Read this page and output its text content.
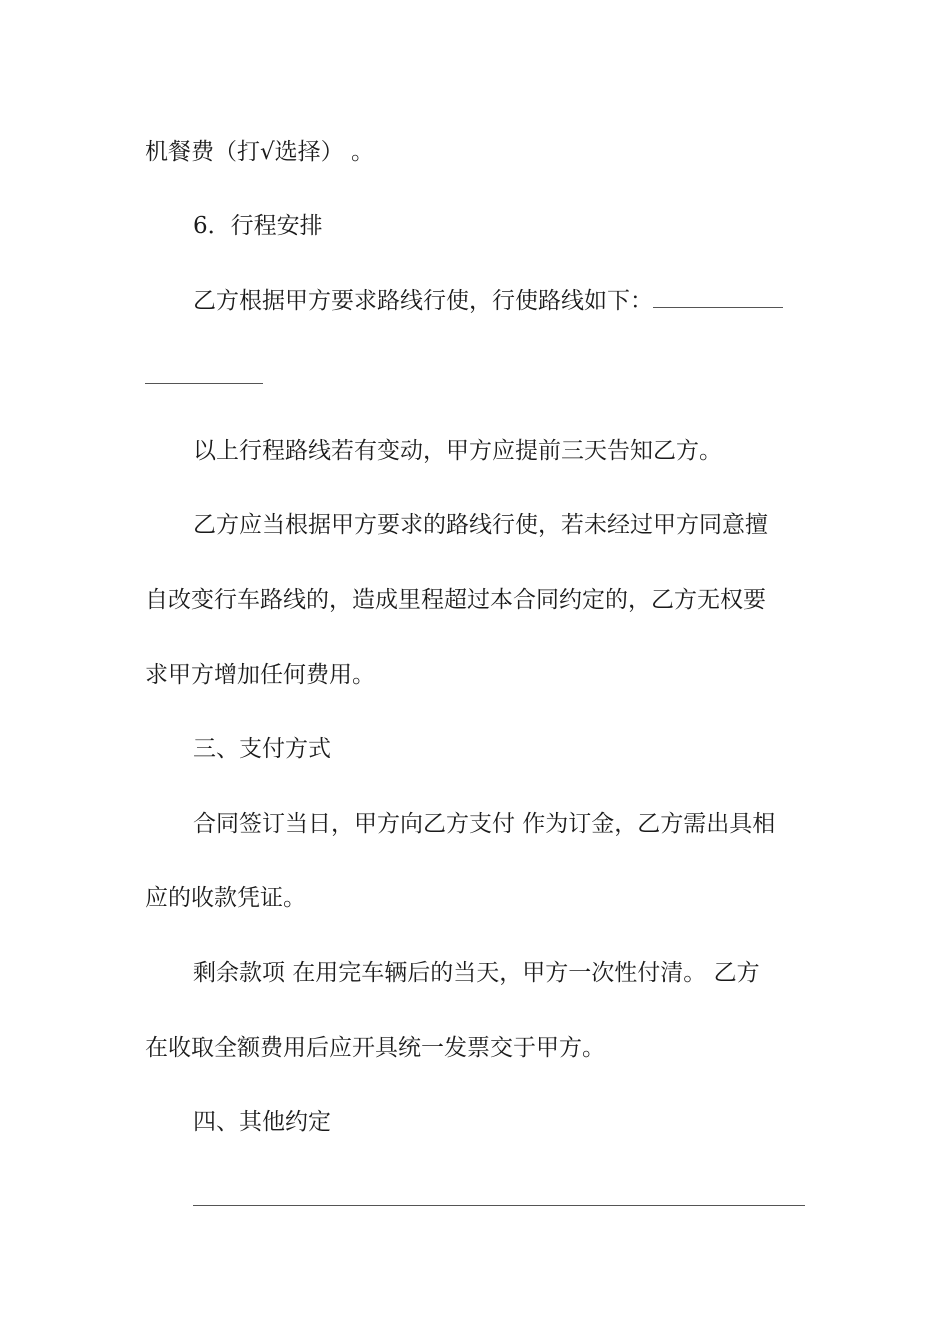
机餐费（打√选择） 。
6．行程安排
乙方根据甲方要求路线行使，行使路线如下：
以上行程路线若有变动，甲方应提前三天告知乙方。
乙方应当根据甲方要求的路线行使，若未经过甲方同意擅
自改变行车路线的，造成里程超过本合同约定的，乙方无权要
求甲方增加任何费用。
三、支付方式
合同签订当日，甲方向乙方支付 作为订金，乙方需出具相
应的收款凭证。
剩余款项 在用完车辆后的当天，甲方一次性付清。 乙方
在收取全额费用后应开具统一发票交于甲方。
四、其他约定
